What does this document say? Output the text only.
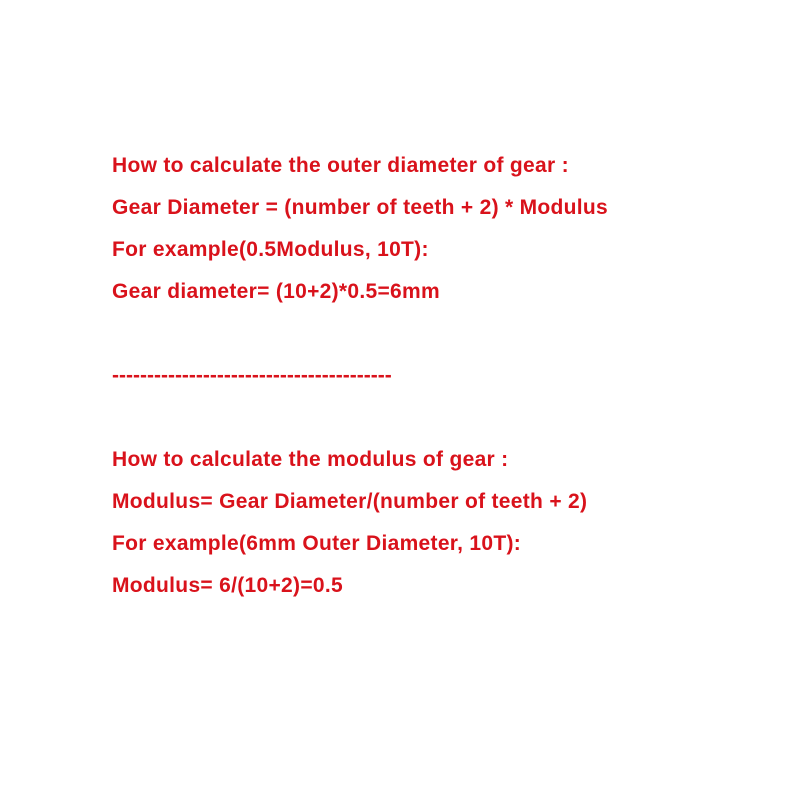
How to calculate the outer diameter of gear :
Gear Diameter = (number of teeth + 2) * Modulus
For example(0.5Modulus, 10T):
Gear diameter= (10+2)*0.5=6mm
----------------------------------------
How to calculate the modulus of gear :
Modulus= Gear Diameter/(number of teeth + 2)
For example(6mm Outer Diameter, 10T):
Modulus= 6/(10+2)=0.5
